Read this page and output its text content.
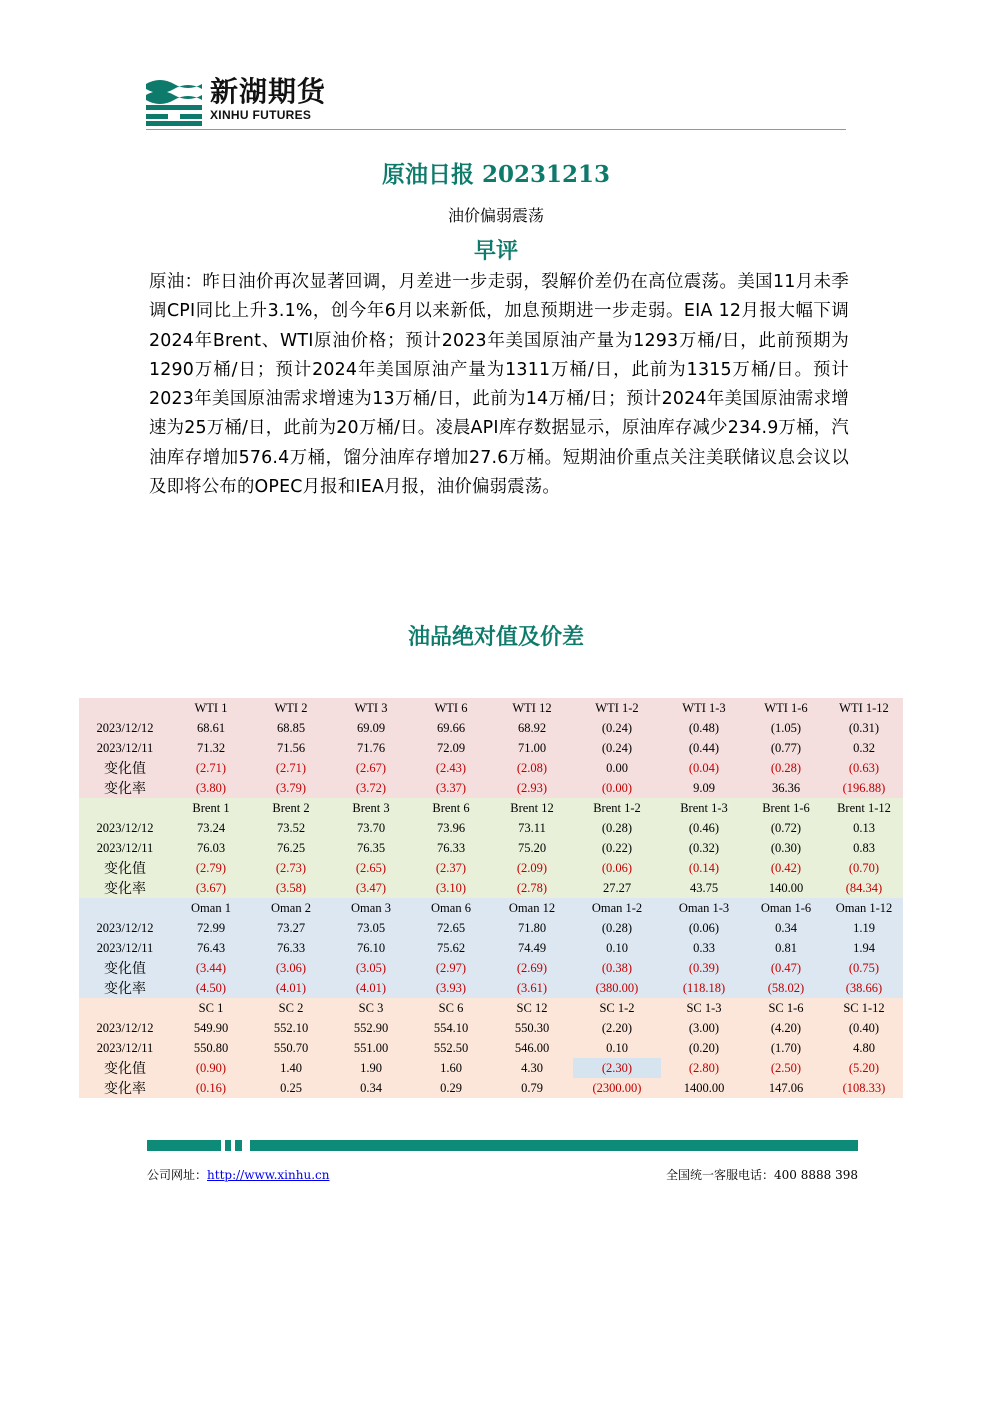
新湖期货
XINHU FUTURES
原油日报 20231213
油价偏弱震荡
早评
原油：昨日油价再次显著回调，月差进一步走弱，裂解价差仍在高位震荡。美国11月未季调CPI同比上升3.1%，创今年6月以来新低，加息预期进一步走弱。EIA 12月报大幅下调2024年Brent、WTI原油价格；预计2023年美国原油产量为1293万桶/日，此前预期为1290万桶/日；预计2024年美国原油产量为1311万桶/日，此前为1315万桶/日。预计2023年美国原油需求增速为13万桶/日，此前为14万桶/日；预计2024年美国原油需求增速为25万桶/日，此前为20万桶/日。凌晨API库存数据显示，原油库存减少234.9万桶，汽油库存增加576.4万桶，馏分油库存增加27.6万桶。短期油价重点关注美联储议息会议以及即将公布的OPEC月报和IEA月报，油价偏弱震荡。
油品绝对值及价差
	WTI 1	WTI 2	WTI 3	WTI 6	WTI 12	WTI 1-2	WTI 1-3	WTI 1-6	WTI 1-12
2023/12/12	68.61	68.85	69.09	69.66	68.92	(0.24)	(0.48)	(1.05)	(0.31)
2023/12/11	71.32	71.56	71.76	72.09	71.00	(0.24)	(0.44)	(0.77)	0.32
变化值	(2.71)	(2.71)	(2.67)	(2.43)	(2.08)	0.00	(0.04)	(0.28)	(0.63)
变化率	(3.80)	(3.79)	(3.72)	(3.37)	(2.93)	(0.00)	9.09	36.36	(196.88)
	Brent 1	Brent 2	Brent 3	Brent 6	Brent 12	Brent 1-2	Brent 1-3	Brent 1-6	Brent 1-12
2023/12/12	73.24	73.52	73.70	73.96	73.11	(0.28)	(0.46)	(0.72)	0.13
2023/12/11	76.03	76.25	76.35	76.33	75.20	(0.22)	(0.32)	(0.30)	0.83
变化值	(2.79)	(2.73)	(2.65)	(2.37)	(2.09)	(0.06)	(0.14)	(0.42)	(0.70)
变化率	(3.67)	(3.58)	(3.47)	(3.10)	(2.78)	27.27	43.75	140.00	(84.34)
	Oman 1	Oman 2	Oman 3	Oman 6	Oman 12	Oman 1-2	Oman 1-3	Oman 1-6	Oman 1-12
2023/12/12	72.99	73.27	73.05	72.65	71.80	(0.28)	(0.06)	0.34	1.19
2023/12/11	76.43	76.33	76.10	75.62	74.49	0.10	0.33	0.81	1.94
变化值	(3.44)	(3.06)	(3.05)	(2.97)	(2.69)	(0.38)	(0.39)	(0.47)	(0.75)
变化率	(4.50)	(4.01)	(4.01)	(3.93)	(3.61)	(380.00)	(118.18)	(58.02)	(38.66)
	SC 1	SC 2	SC 3	SC 6	SC 12	SC 1-2	SC 1-3	SC 1-6	SC 1-12
2023/12/12	549.90	552.10	552.90	554.10	550.30	(2.20)	(3.00)	(4.20)	(0.40)
2023/12/11	550.80	550.70	551.00	552.50	546.00	0.10	(0.20)	(1.70)	4.80
变化值	(0.90)	1.40	1.90	1.60	4.30	(2.30)	(2.80)	(2.50)	(5.20)
变化率	(0.16)	0.25	0.34	0.29	0.79	(2300.00)	1400.00	147.06	(108.33)
公司网址：http://www.xinhu.cn	全国统一客服电话：400 8888 398
